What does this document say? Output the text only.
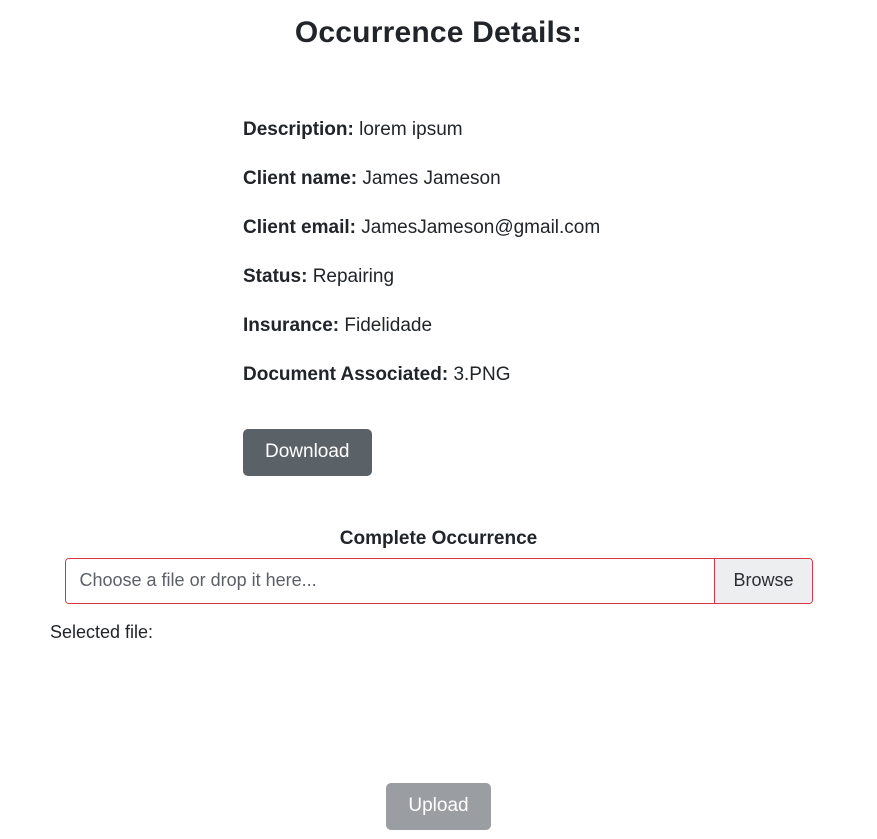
Occurrence Details:
Description: lorem ipsum
Client name: James Jameson
Client email: JamesJameson@gmail.com
Status: Repairing
Insurance: Fidelidade
Document Associated: 3.PNG
Download
Complete Occurrence
Choose a file or drop it here...	Browse
Selected file:
Upload
